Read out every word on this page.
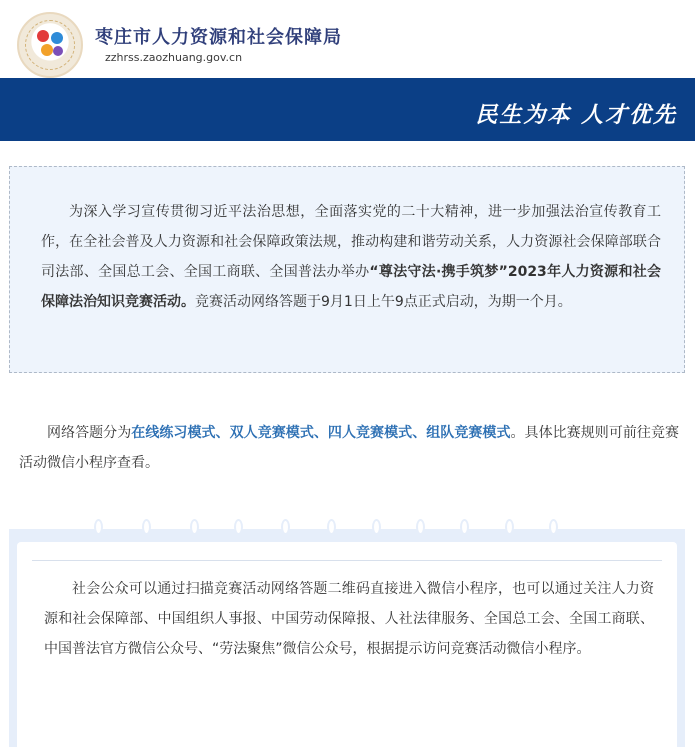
枣庄市人力资源和社会保障局
zzhrss.zaozhuang.gov.cn
民生为本 人才优先

为深入学习宣传贯彻习近平法治思想，全面落实党的二十大精神，进一步加强法治宣传教育工作，在全社会普及人力资源和社会保障政策法规，推动构建和谐劳动关系，人力资源社会保障部联合司法部、全国总工会、全国工商联、全国普法办举办“尊法守法·携手筑梦”2023年人力资源和社会保障法治知识竞赛活动。竞赛活动网络答题于9月1日上午9点正式启动，为期一个月。

网络答题分为在线练习模式、双人竞赛模式、四人竞赛模式、组队竞赛模式。具体比赛规则可前往竞赛活动微信小程序查看。

社会公众可以通过扫描竞赛活动网络答题二维码直接进入微信小程序，也可以通过关注人力资源和社会保障部、中国组织人事报、中国劳动保障报、人社法律服务、全国总工会、全国工商联、中国普法官方微信公众号、“劳法聚焦”微信公众号，根据提示访问竞赛活动微信小程序。
